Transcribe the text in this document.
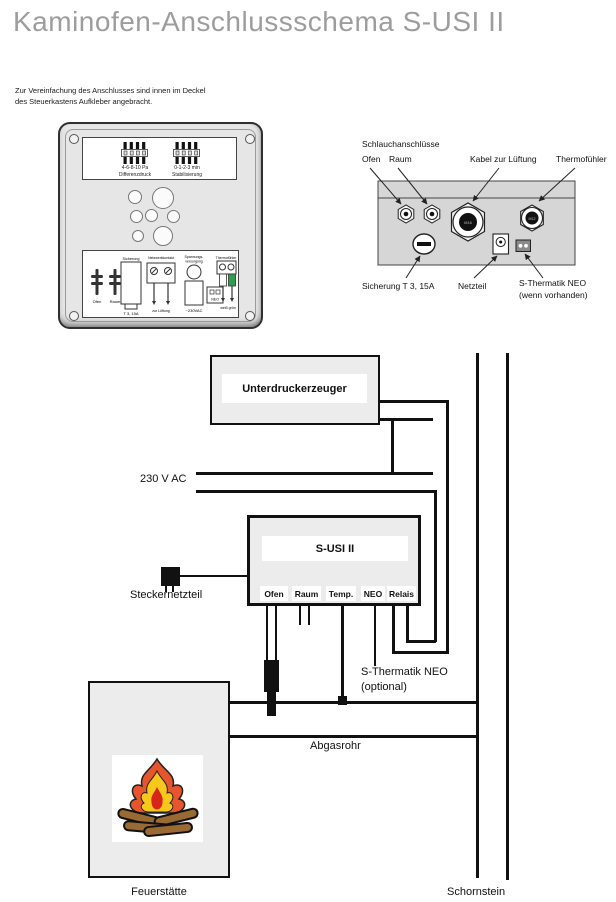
Kaminofen-Anschlussschema S-USI II
Zur Vereinfachung des Anschlusses sind innen im Deckel
des Steuerkastens Aufkleber angebracht.
4-6-8-10 Pa
Differenzdruck
0-1-2-3 min
Stabilisierung
Ofen Raum
Sicherung
T 3, 15A
Netzwerkkontakt
zur Lüftung
Spannungs-
versorgung
~230VAC
NEO
Thermofühler
weiß grün
M16
M12
Schlauchanschlüsse
Ofen Raum	Kabel zur Lüftung Thermofühler
Sicherung T 3, 15A	Netzteil	S-Thermatik NEO
(wenn vorhanden)
Unterdruckerzeuger
230 V AC
S-USI II
Ofen	Raum	Temp.	NEO Relais
Steckernetzteil
S-Thermatik NEO
(optional)
Abgasrohr
Feuerstätte	Schornstein
